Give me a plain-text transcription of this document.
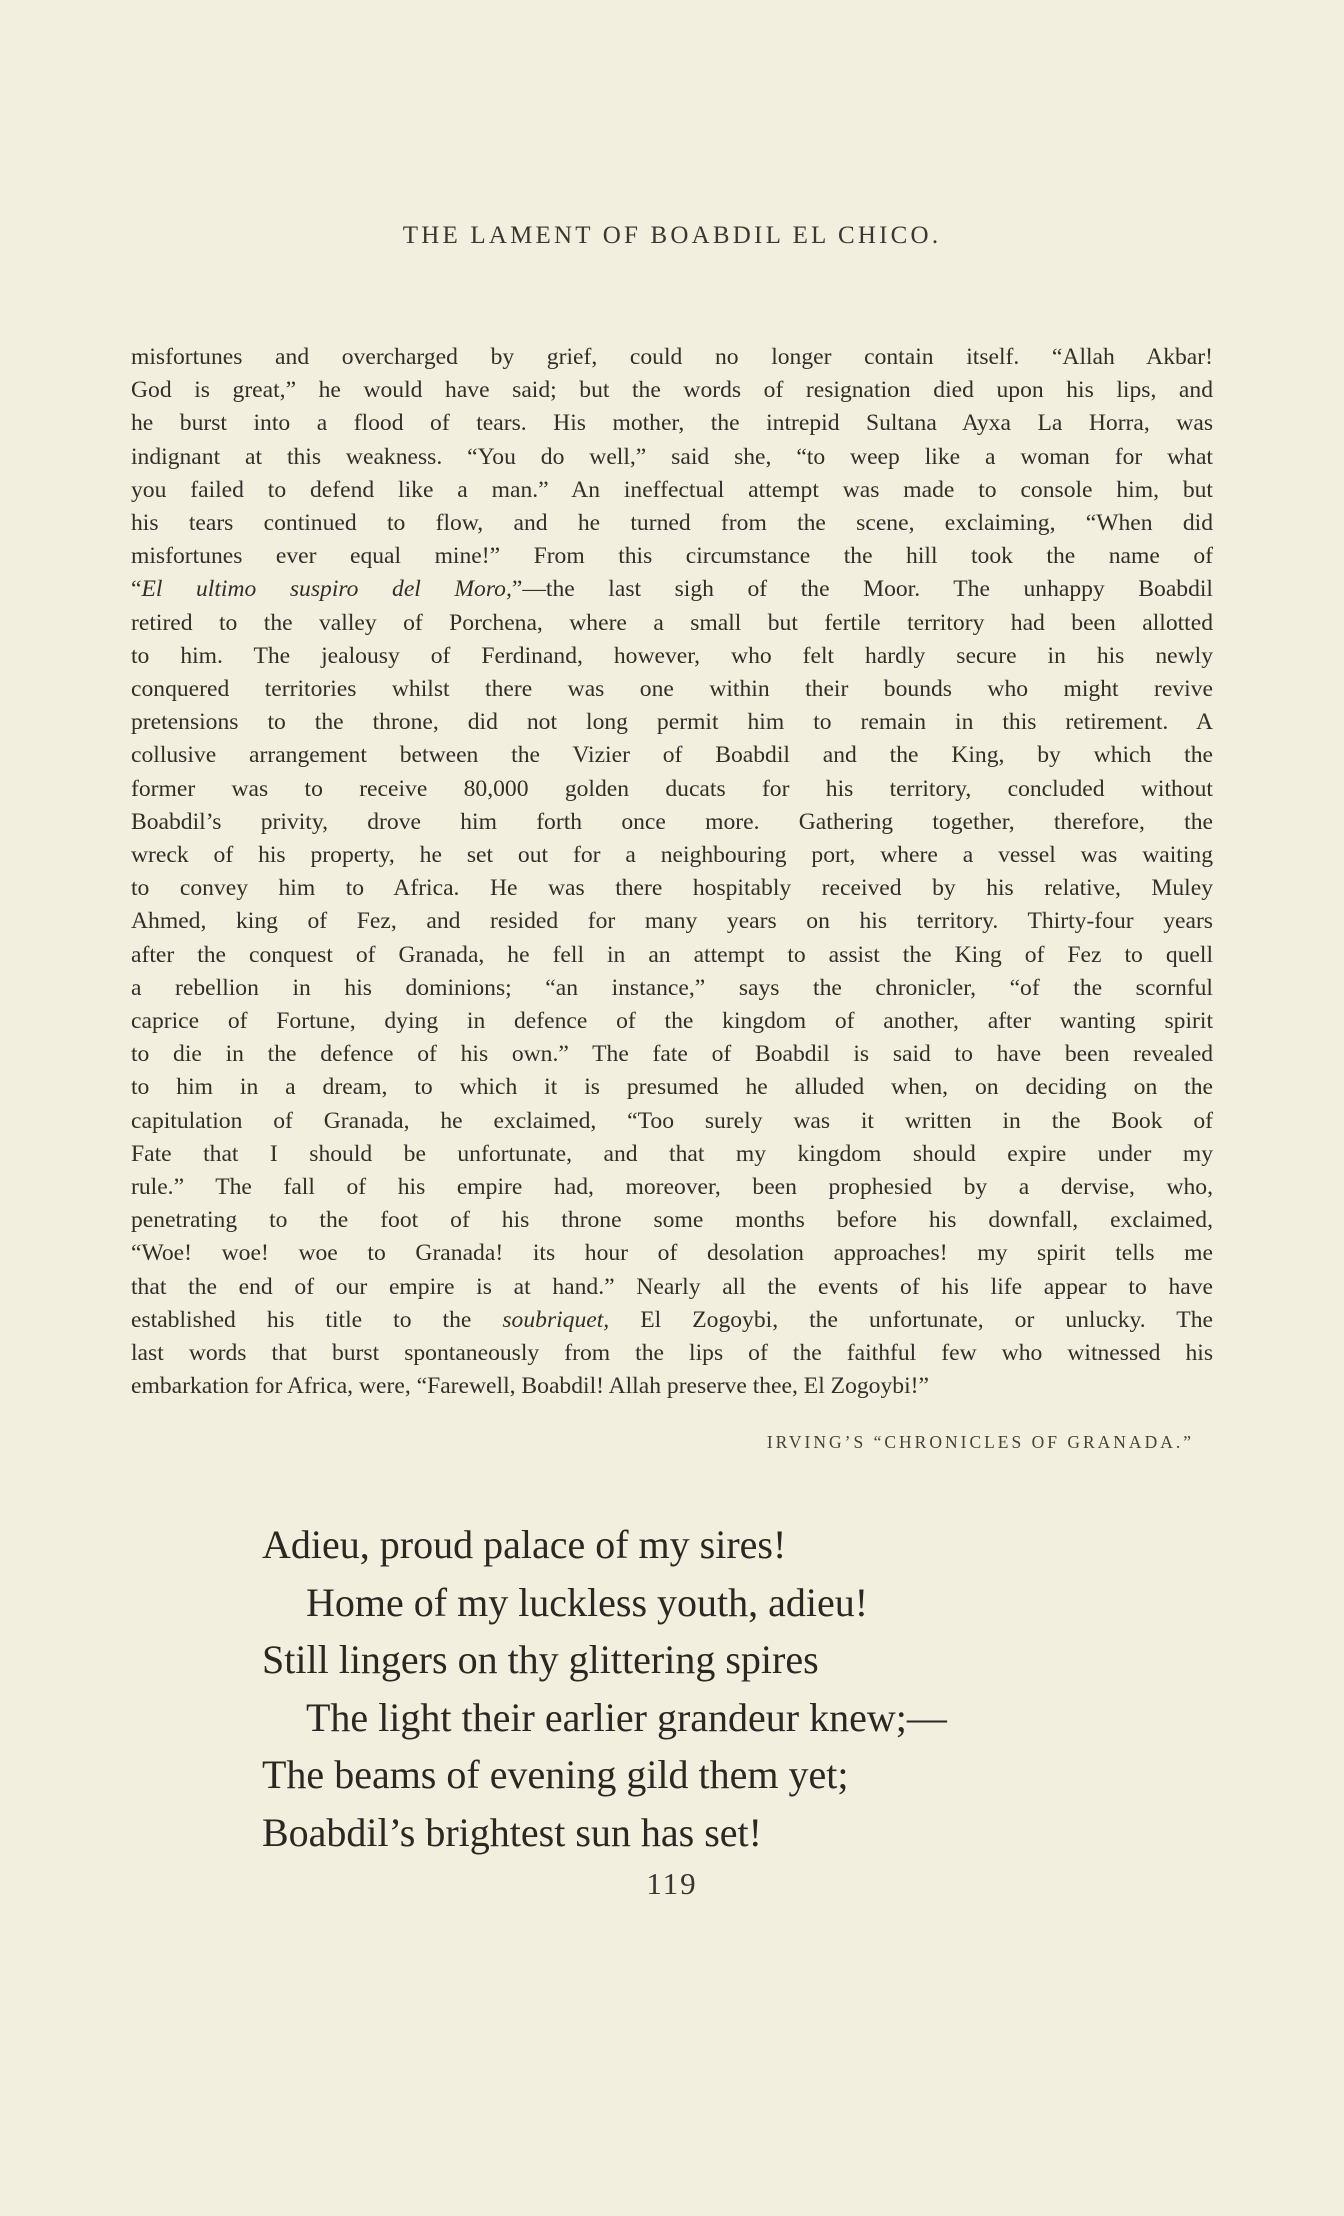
THE LAMENT OF BOABDIL EL CHICO.
misfortunes and overcharged by grief, could no longer contain itself. “Allah Akbar!
God is great,” he would have said; but the words of resignation died upon his lips, and
he burst into a flood of tears. His mother, the intrepid Sultana Ayxa La Horra, was
indignant at this weakness. “You do well,” said she, “to weep like a woman for what
you failed to defend like a man.” An ineffectual attempt was made to console him, but
his tears continued to flow, and he turned from the scene, exclaiming, “When did
misfortunes ever equal mine!” From this circumstance the hill took the name of
“El ultimo suspiro del Moro,”—the last sigh of the Moor. The unhappy Boabdil
retired to the valley of Porchena, where a small but fertile territory had been allotted
to him. The jealousy of Ferdinand, however, who felt hardly secure in his newly
conquered territories whilst there was one within their bounds who might revive
pretensions to the throne, did not long permit him to remain in this retirement. A
collusive arrangement between the Vizier of Boabdil and the King, by which the
former was to receive 80,000 golden ducats for his territory, concluded without
Boabdil’s privity, drove him forth once more. Gathering together, therefore, the
wreck of his property, he set out for a neighbouring port, where a vessel was waiting
to convey him to Africa. He was there hospitably received by his relative, Muley
Ahmed, king of Fez, and resided for many years on his territory. Thirty-four years
after the conquest of Granada, he fell in an attempt to assist the King of Fez to quell
a rebellion in his dominions; “an instance,” says the chronicler, “of the scornful
caprice of Fortune, dying in defence of the kingdom of another, after wanting spirit
to die in the defence of his own.” The fate of Boabdil is said to have been revealed
to him in a dream, to which it is presumed he alluded when, on deciding on the
capitulation of Granada, he exclaimed, “Too surely was it written in the Book of
Fate that I should be unfortunate, and that my kingdom should expire under my
rule.” The fall of his empire had, moreover, been prophesied by a dervise, who,
penetrating to the foot of his throne some months before his downfall, exclaimed,
“Woe! woe! woe to Granada! its hour of desolation approaches! my spirit tells me
that the end of our empire is at hand.” Nearly all the events of his life appear to have
established his title to the soubriquet, El Zogoybi, the unfortunate, or unlucky. The
last words that burst spontaneously from the lips of the faithful few who witnessed his
embarkation for Africa, were, “Farewell, Boabdil! Allah preserve thee, El Zogoybi!”
IRVING’S “CHRONICLES OF GRANADA.”
Adieu, proud palace of my sires!
Home of my luckless youth, adieu!
Still lingers on thy glittering spires
The light their earlier grandeur knew;—
The beams of evening gild them yet;
Boabdil’s brightest sun has set!
119
